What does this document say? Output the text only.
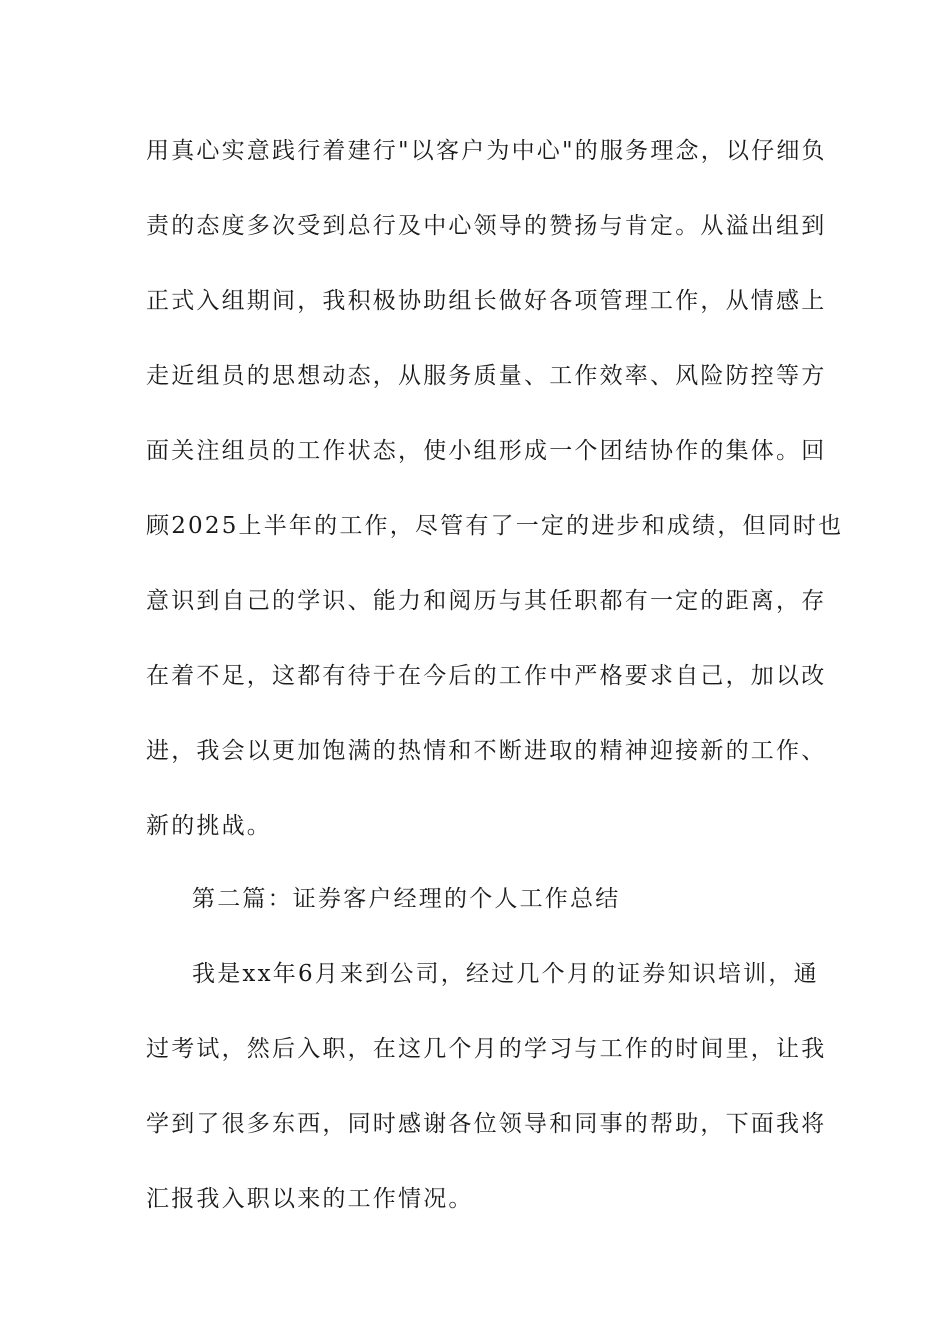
用真心实意践行着建行"以客户为中心"的服务理念，以仔细负
责的态度多次受到总行及中心领导的赞扬与肯定。从溢出组到
正式入组期间，我积极协助组长做好各项管理工作，从情感上
走近组员的思想动态，从服务质量、工作效率、风险防控等方
面关注组员的工作状态，使小组形成一个团结协作的集体。回
顾2025上半年的工作，尽管有了一定的进步和成绩，但同时也
意识到自己的学识、能力和阅历与其任职都有一定的距离，存
在着不足，这都有待于在今后的工作中严格要求自己，加以改
进，我会以更加饱满的热情和不断进取的精神迎接新的工作、
新的挑战。
第二篇：证券客户经理的个人工作总结
我是xx年6月来到公司，经过几个月的证券知识培训，通
过考试，然后入职，在这几个月的学习与工作的时间里，让我
学到了很多东西，同时感谢各位领导和同事的帮助，下面我将
汇报我入职以来的工作情况。
